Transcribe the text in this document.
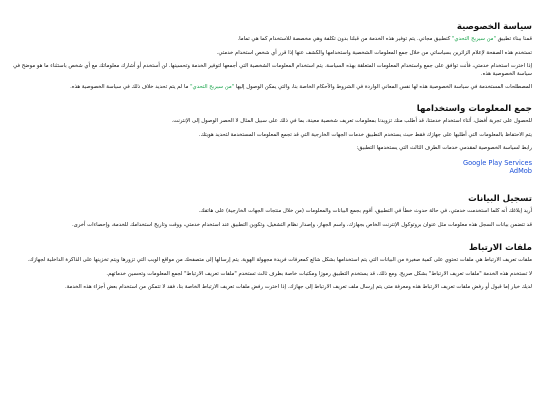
سياسة الخصوصية

قمنا ببناء تطبيق "من سيربح التحدي" كتطبيق مجاني. يتم توفير هذه الخدمة من قبلنا بدون تكلفة وهي مخصصة للاستخدام كما هي تماما.

تستخدم هذه الصفحة لإعلام الزائرين بسياساتي من خلال جمع المعلومات الشخصية واستخدامها والكشف عنها إذا قرر أي شخص استخدام خدمتي.

إذا اخترت استخدام خدمتي، فأنت توافق على جمع واستخدام المعلومات المتعلقة بهذه السياسة. يتم استخدام المعلومات الشخصية التي أجمعها لتوفير الخدمة وتحسينها. لن أستخدم أو أشارك معلوماتك مع أي شخص باستثناء ما هو موضح في سياسة الخصوصية هذه.

المصطلحات المستخدمة في سياسة الخصوصية هذه لها نفس المعاني الواردة في الشروط والأحكام الخاصة بنا، والتي يمكن الوصول إليها "من سيربح التحدي" ما لم يتم تحديد خلاف ذلك في سياسة الخصوصية هذه.

جمع المعلومات واستخدامها

للحصول على تجربة أفضل، أثناء استخدام خدمتنا، قد أطلب منك تزويدنا بمعلومات تعريف شخصية معينة، بما في ذلك على سبيل المثال لا الحصر الوصول إلى الإنترنت.

يتم الاحتفاظ بالمعلومات التي أطلبها على جهازك فقط حيث يستخدم التطبيق خدمات الجهات الخارجية التي قد تجمع المعلومات المستخدمة لتحديد هويتك.

رابط لسياسة الخصوصية لمقدمي خدمات الطرف الثالث التي يستخدمها التطبيق:

Google Play Services
AdMob
تسجيل البيانات

أريد إبلاغك أنه كلما استخدمت خدمتي، في حالة حدوث خطأ في التطبيق، أقوم بجمع البيانات والمعلومات (من خلال منتجات الجهات الخارجية) على هاتفك.

قد تتضمن بيانات السجل هذه معلومات مثل عنوان بروتوكول الإنترنت الخاص بجهازك، واسم الجهاز، وإصدار نظام التشغيل، وتكوين التطبيق عند استخدام خدمتي، ووقت وتاريخ استخدامك للخدمة، وإحصاءات أخرى.

ملفات الارتباط

ملفات تعريف الارتباط هي ملفات تحتوي على كمية صغيرة من البيانات التي يتم استخدامها بشكل شائع كمعرفات فريدة مجهولة الهوية. يتم إرسالها إلى متصفحك من مواقع الويب التي تزورها ويتم تخزينها على الذاكرة الداخلية لجهازك.

لا تستخدم هذه الخدمة "ملفات تعريف الارتباط" بشكل صريح. ومع ذلك، قد يستخدم التطبيق رموزا ومكتبات خاصة بطرف ثالث تستخدم "ملفات تعريف الارتباط" لجمع المعلومات وتحسين خدماتهم.

لديك خيار إما قبول أو رفض ملفات تعريف الارتباط هذه ومعرفة متى يتم إرسال ملف تعريف الارتباط إلى جهازك. إذا اخترت رفض ملفات تعريف الارتباط الخاصة بنا، فقد لا تتمكن من استخدام بعض أجزاء هذه الخدمة.
